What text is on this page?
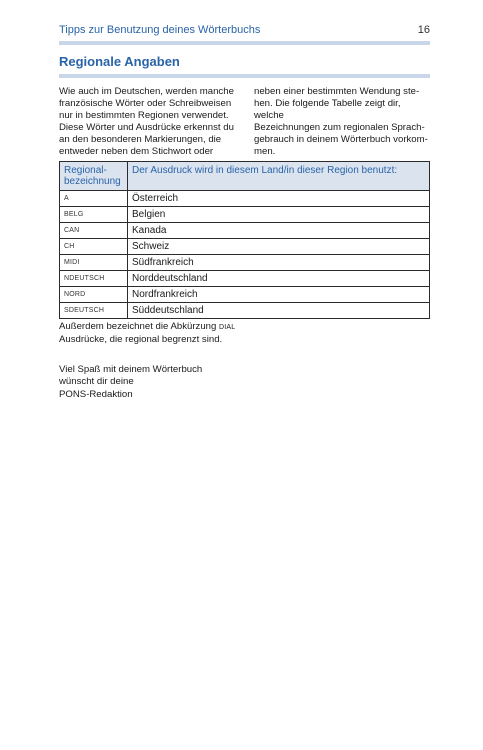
Tipps zur Benutzung deines Wörterbuchs	16
Regionale Angaben
Wie auch im Deutschen, werden manche
französische Wörter oder Schreibweisen
nur in bestimmten Regionen verwendet.
Diese Wörter und Ausdrücke erkennst du
an den besonderen Markierungen, die
entweder neben dem Stichwort oder
neben einer bestimmten Wendung ste-
hen. Die folgende Tabelle zeigt dir, welche
Bezeichnungen zum regionalen Sprach-
gebrauch in deinem Wörterbuch vorkom-
men.
Regional-
bezeichnung	Der Ausdruck wird in diesem Land/in dieser Region benutzt:
A	Österreich
BELG	Belgien
CAN	Kanada
CH	Schweiz
MIDI	Südfrankreich
NDEUTSCH	Norddeutschland
NORD	Nordfrankreich
SDEUTSCH	Süddeutschland
Außerdem bezeichnet die Abkürzung DIAL
Ausdrücke, die regional begrenzt sind.
Viel Spaß mit deinem Wörterbuch
wünscht dir deine
PONS-Redaktion
